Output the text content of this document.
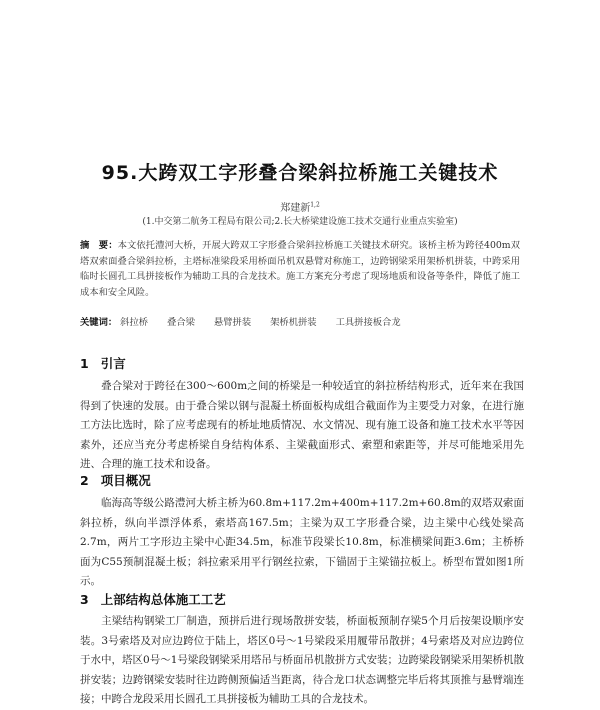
95.大跨双工字形叠合梁斜拉桥施工关键技术
郑建新$^{1,2}$
(1.中交第二航务工程局有限公司;2.长大桥梁建设施工技术交通行业重点实验室)
摘　要：本文依托澧河大桥，开展大跨双工字形叠合梁斜拉桥施工关键技术研究。该桥主桥为跨径400m双塔双索面叠合梁斜拉桥，主塔标准梁段采用桥面吊机双悬臂对称施工，边跨钢梁采用架桥机拼装，中跨采用临时长圆孔工具拼接板作为辅助工具的合龙技术。施工方案充分考虑了现场地质和设备等条件，降低了施工成本和安全风险。
关键词： 斜拉桥 叠合梁 悬臂拼装 架桥机拼装 工具拼接板合龙
1 引言

叠合梁对于跨径在300～600m之间的桥梁是一种较适宜的斜拉桥结构形式，近年来在我国得到了快速的发展。由于叠合梁以钢与混凝土桥面板构成组合截面作为主要受力对象，在进行施工方法比选时，除了应考虑现有的桥址地质情况、水文情况、现有施工设备和施工技术水平等因素外，还应当充分考虑桥梁自身结构体系、主梁截面形式、索塑和索距等，并尽可能地采用先进、合理的施工技术和设备。

2 项目概况

临海高等级公路澧河大桥主桥为60.8m+117.2m+400m+117.2m+60.8m的双塔双索面斜拉桥，纵向半漂浮体系，索塔高167.5m；主梁为双工字形叠合梁，边主梁中心线处梁高2.7m，两片工字形边主梁中心距34.5m，标准节段梁长10.8m，标准横梁间距3.6m；主桥桥面为C55预制混凝土板；斜拉索采用平行钢丝拉索，下锚固于主梁锚拉板上。桥型布置如图1所示。

3 上部结构总体施工工艺

主梁结构钢梁工厂制造，预拼后进行现场散拼安装，桥面板预制存梁5个月后按架设顺序安装。3号索塔及对应边跨位于陆上，塔区0号～1号梁段采用履带吊散拼；4号索塔及对应边跨位于水中，塔区0号～1号梁段钢梁采用塔吊与桥面吊机散拼方式安装；边跨梁段钢梁采用架桥机散拼安装；边跨钢梁安装时往边跨侧预偏适当距离，待合龙口状态调整完毕后将其顶推与悬臂端连接；中跨合龙段采用长圆孔工具拼接板为辅助工具的合龙技术。
